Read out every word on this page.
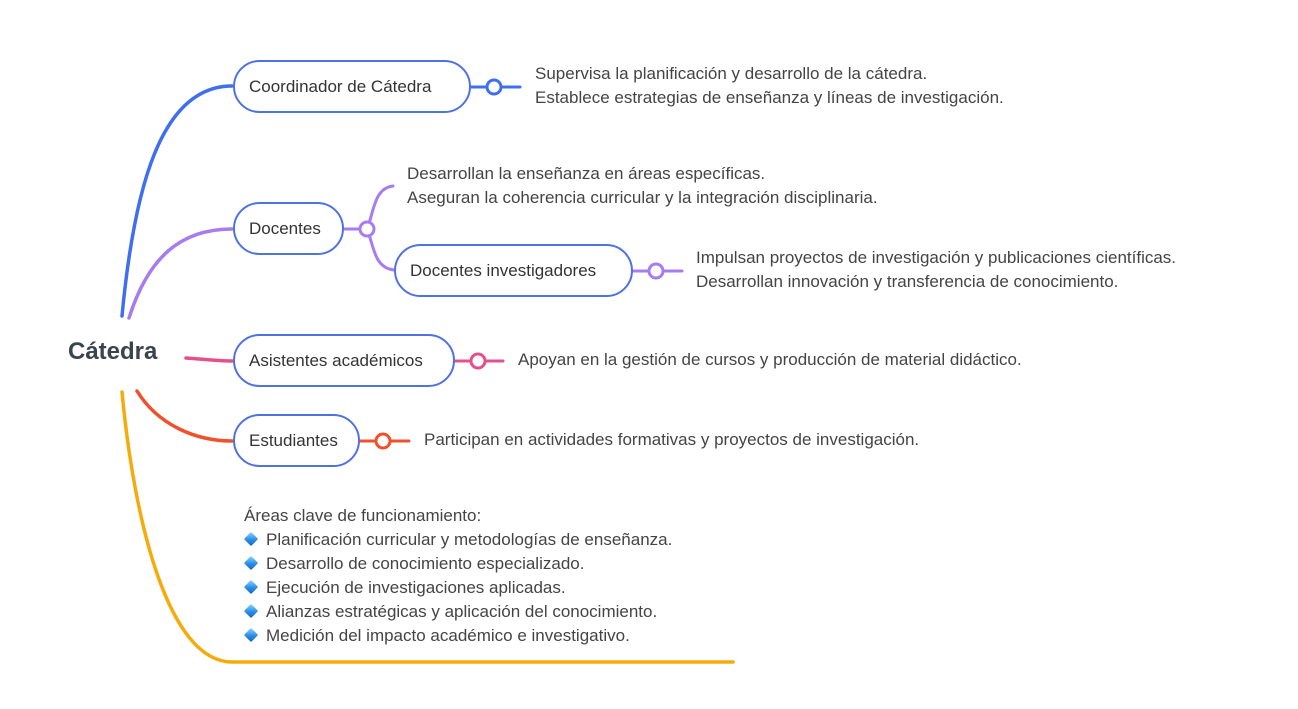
Cátedra
Coordinador de Cátedra
Supervisa la planificación y desarrollo de la cátedra.
Establece estrategias de enseñanza y líneas de investigación.
Docentes
Desarrollan la enseñanza en áreas específicas.
Aseguran la coherencia curricular y la integración disciplinaria.
Docentes investigadores
Impulsan proyectos de investigación y publicaciones científicas.
Desarrollan innovación y transferencia de conocimiento.
Asistentes académicos	Apoyan en la gestión de cursos y producción de material didáctico.
Estudiantes	Participan en actividades formativas y proyectos de investigación.
Áreas clave de funcionamiento:
Planificación curricular y metodologías de enseñanza.
Desarrollo de conocimiento especializado.
Ejecución de investigaciones aplicadas.
Alianzas estratégicas y aplicación del conocimiento.
Medición del impacto académico e investigativo.
